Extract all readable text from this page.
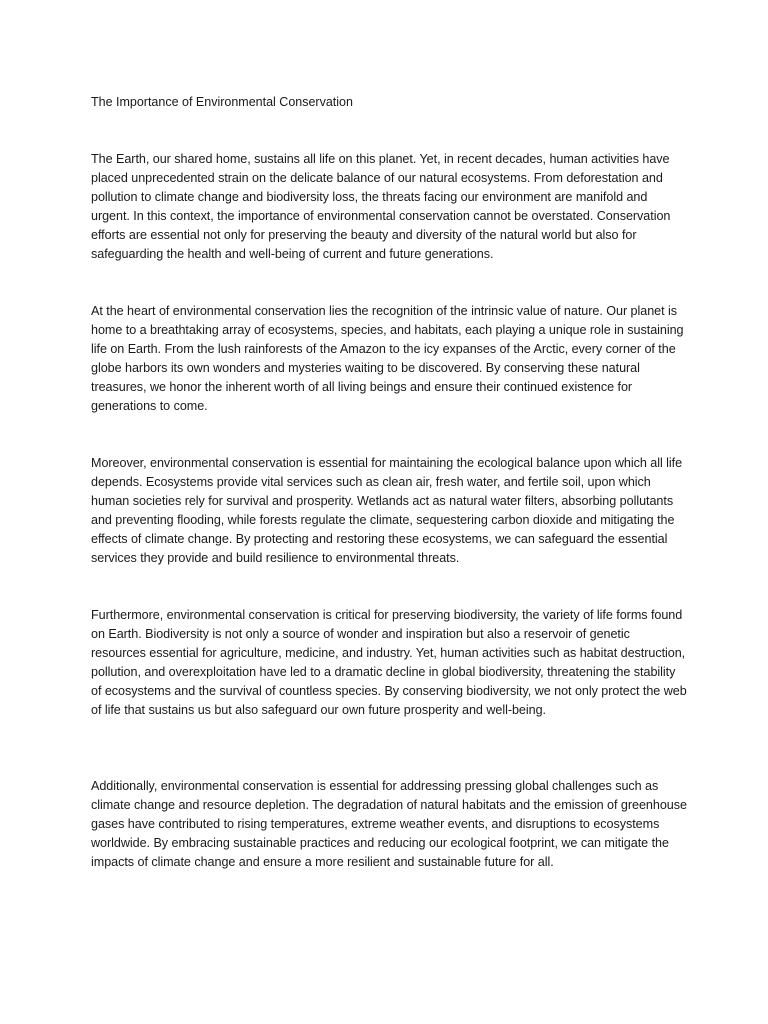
The Importance of Environmental Conservation

The Earth, our shared home, sustains all life on this planet. Yet, in recent decades, human activities have placed unprecedented strain on the delicate balance of our natural ecosystems. From deforestation and pollution to climate change and biodiversity loss, the threats facing our environment are manifold and urgent. In this context, the importance of environmental conservation cannot be overstated. Conservation efforts are essential not only for preserving the beauty and diversity of the natural world but also for safeguarding the health and well-being of current and future generations.

At the heart of environmental conservation lies the recognition of the intrinsic value of nature. Our planet is home to a breathtaking array of ecosystems, species, and habitats, each playing a unique role in sustaining life on Earth. From the lush rainforests of the Amazon to the icy expanses of the Arctic, every corner of the globe harbors its own wonders and mysteries waiting to be discovered. By conserving these natural treasures, we honor the inherent worth of all living beings and ensure their continued existence for generations to come.

Moreover, environmental conservation is essential for maintaining the ecological balance upon which all life depends. Ecosystems provide vital services such as clean air, fresh water, and fertile soil, upon which human societies rely for survival and prosperity. Wetlands act as natural water filters, absorbing pollutants and preventing flooding, while forests regulate the climate, sequestering carbon dioxide and mitigating the effects of climate change. By protecting and restoring these ecosystems, we can safeguard the essential services they provide and build resilience to environmental threats.

Furthermore, environmental conservation is critical for preserving biodiversity, the variety of life forms found on Earth. Biodiversity is not only a source of wonder and inspiration but also a reservoir of genetic resources essential for agriculture, medicine, and industry. Yet, human activities such as habitat destruction, pollution, and overexploitation have led to a dramatic decline in global biodiversity, threatening the stability of ecosystems and the survival of countless species. By conserving biodiversity, we not only protect the web of life that sustains us but also safeguard our own future prosperity and well-being.

Additionally, environmental conservation is essential for addressing pressing global challenges such as climate change and resource depletion. The degradation of natural habitats and the emission of greenhouse gases have contributed to rising temperatures, extreme weather events, and disruptions to ecosystems worldwide. By embracing sustainable practices and reducing our ecological footprint, we can mitigate the impacts of climate change and ensure a more resilient and sustainable future for all.
